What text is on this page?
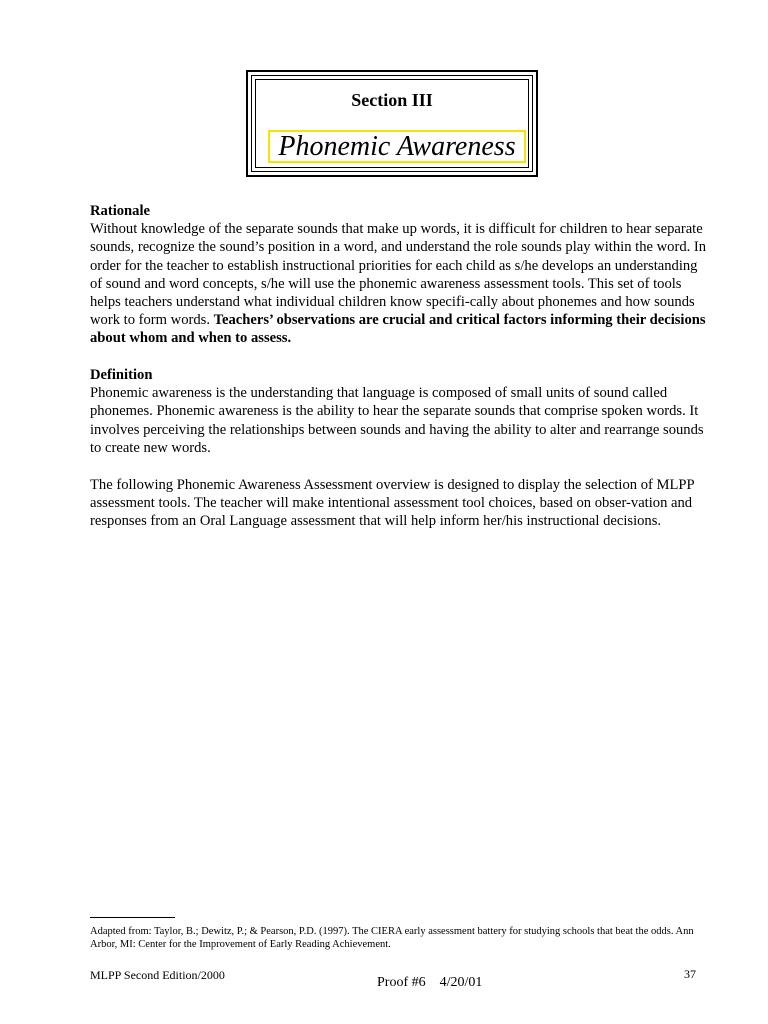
Section III
Phonemic Awareness
Rationale
Without knowledge of the separate sounds that make up words, it is difficult for children to hear separate sounds, recognize the sound’s position in a word, and understand the role sounds play within the word. In order for the teacher to establish instructional priorities for each child as s/he develops an understanding of sound and word concepts, s/he will use the phonemic awareness assessment tools. This set of tools helps teachers understand what individual children know specifi-cally about phonemes and how sounds work to form words. Teachers’ observations are crucial and critical factors informing their decisions about whom and when to assess.
Definition
Phonemic awareness is the understanding that language is composed of small units of sound called phonemes. Phonemic awareness is the ability to hear the separate sounds that comprise spoken words. It involves perceiving the relationships between sounds and having the ability to alter and rearrange sounds to create new words.
The following Phonemic Awareness Assessment overview is designed to display the selection of MLPP assessment tools. The teacher will make intentional assessment tool choices, based on obser-vation and responses from an Oral Language assessment that will help inform her/his instructional decisions.
Adapted from: Taylor, B.; Dewitz, P.; & Pearson, P.D. (1997). The CIERA early assessment battery for studying schools that beat the odds. Ann Arbor, MI: Center for the Improvement of Early Reading Achievement.
MLPP Second Edition/2000	Proof #6    4/20/01
37
